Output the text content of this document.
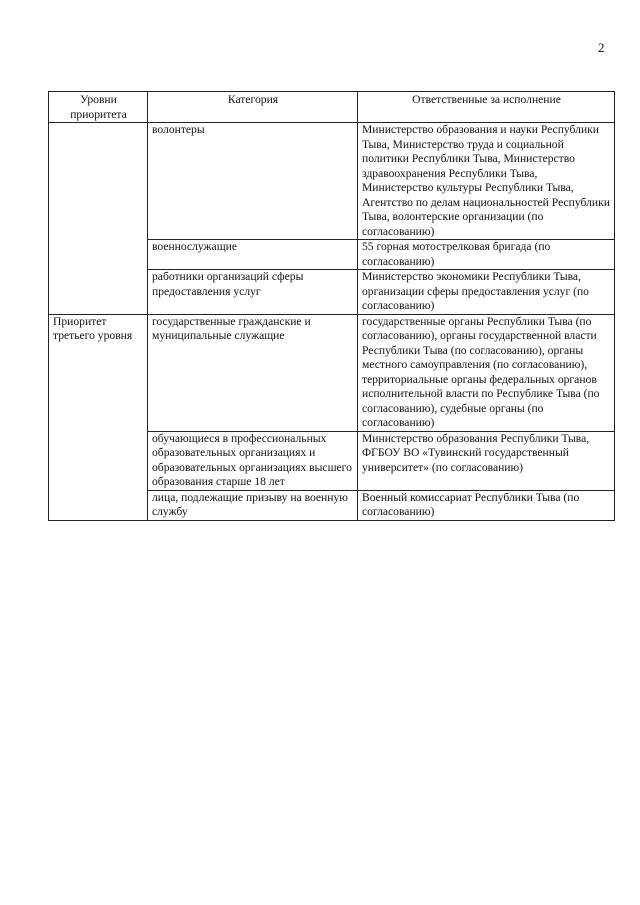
2
Уровни приоритета	Категория	Ответственные за исполнение
	волонтеры	Министерство образования и науки Республики Тыва, Министерство труда и социальной политики Республики Тыва, Министерство здравоохранения Республики Тыва, Министерство культуры Республики Тыва, Агентство по делам национальностей Республики Тыва, волонтерские организации (по согласованию)
	военнослужащие	55 горная мотострелковая бригада (по согласованию)
	работники организаций сферы предоставления услуг	Министерство экономики Республики Тыва, организации сферы предоставления услуг (по согласованию)
Приоритет третьего уровня	государственные гражданские и муниципальные служащие	государственные органы Республики Тыва (по согласованию), органы государственной власти Республики Тыва (по согласованию), органы местного самоуправления (по согласованию), территориальные органы федеральных органов исполнительной власти по Республике Тыва (по согласованию), судебные органы (по согласованию)
	обучающиеся в профессиональных образовательных организациях и образовательных организациях высшего образования старше 18 лет	Министерство образования Республики Тыва, ФГБОУ ВО «Тувинский государственный университет» (по согласованию)
	лица, подлежащие призыву на военную службу	Военный комиссариат Республики Тыва (по согласованию)
